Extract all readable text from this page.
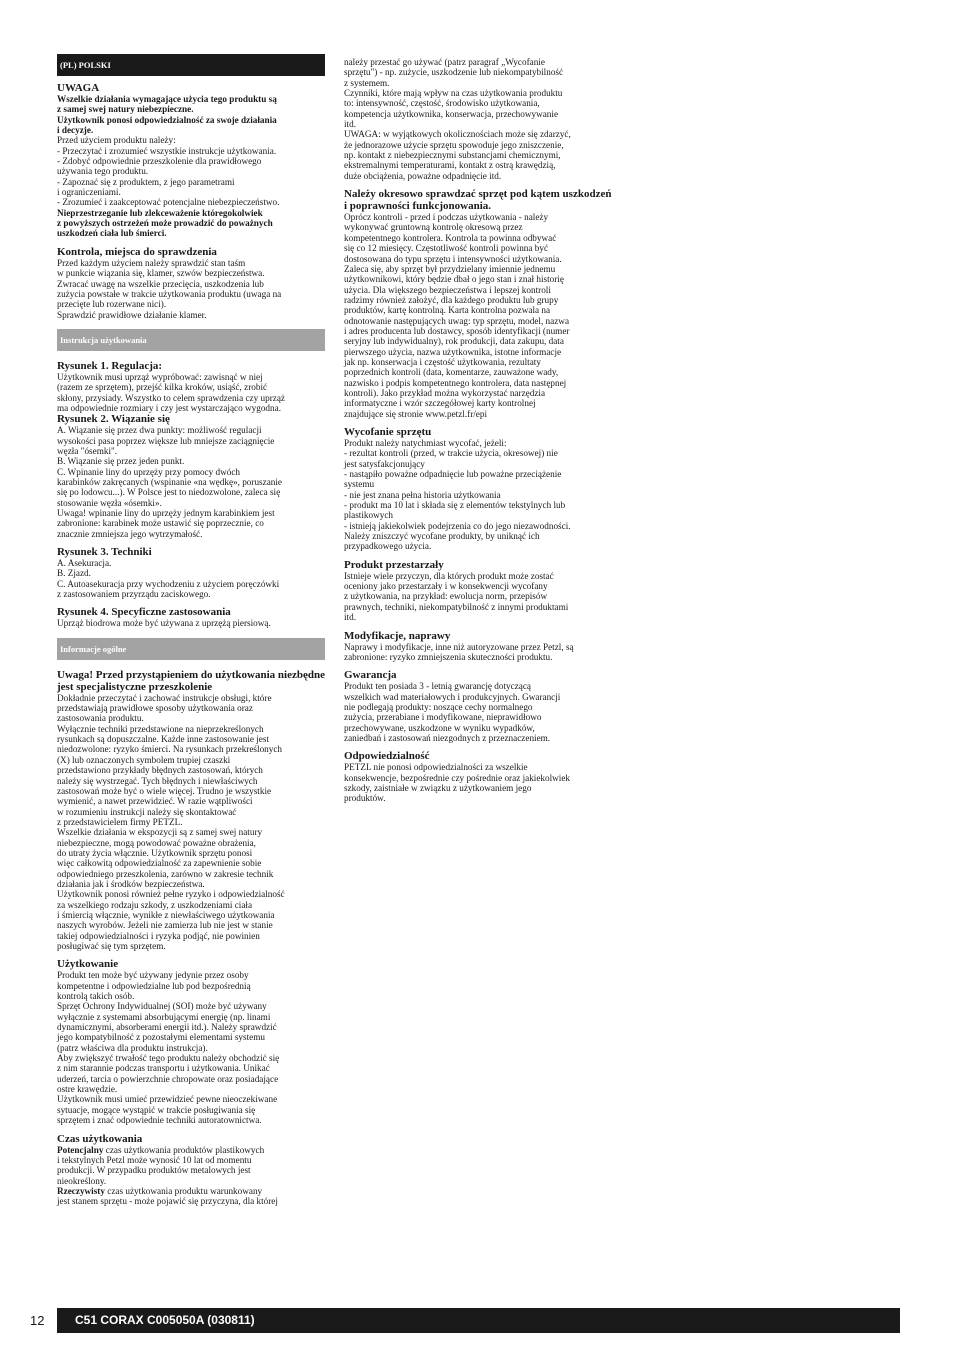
(PL) POLSKI

UWAGA

Wszelkie działania wymagające użycia tego produktu są
z samej swej natury niebezpieczne.
Użytkownik ponosi odpowiedzialność za swoje działania
i decyzje.

Przed użyciem produktu należy:
- Przeczytać i zrozumieć wszystkie instrukcje użytkowania.
- Zdobyć odpowiednie przeszkolenie dla prawidłowego
używania tego produktu.
- Zapoznać się z produktem, z jego parametrami
i ograniczeniami.
- Zrozumieć i zaakceptować potencjalne niebezpieczeństwo.

Nieprzestrzeganie lub zlekceważenie któregokolwiek
z powyższych ostrzeżeń może prowadzić do poważnych
uszkodzeń ciała lub śmierci.

Kontrola, miejsca do sprawdzenia

Przed każdym użyciem należy sprawdzić stan taśm
w punkcie wiązania się, klamer, szwów bezpieczeństwa.
Zwracać uwagę na wszelkie przecięcia, uszkodzenia lub
zużycia powstałe w trakcie użytkowania produktu (uwaga na
przecięte lub rozerwane nici).
Sprawdzić prawidłowe działanie klamer.

Instrukcja użytkowania

Rysunek 1. Regulacja:

Użytkownik musi uprząż wypróbować: zawisnąć w niej
(razem ze sprzętem), przejść kilka kroków, usiąść, zrobić
skłony, przysiady. Wszystko to celem sprawdzenia czy uprząż
ma odpowiednie rozmiary i czy jest wystarczająco wygodna.

Rysunek 2. Wiązanie się

A. Wiązanie się przez dwa punkty: możliwość regulacji
wysokości pasa poprzez większe lub mniejsze zaciągnięcie
węzła "ósemki".
B. Wiązanie się przez jeden punkt.
C. Wpinanie liny do uprzęży przy pomocy dwóch
karabinków zakręcanych (wspinanie «na wędkę», poruszanie
się po lodowcu...). W Polsce jest to niedozwolone, zaleca się
stosowanie węzła «ósemki».
Uwaga! wpinanie liny do uprzęży jednym karabinkiem jest
zabronione: karabinek może ustawić się poprzecznie, co
znacznie zmniejsza jego wytrzymałość.

Rysunek 3. Techniki

A. Asekuracja.
B. Zjazd.
C. Autoasekuracja przy wychodzeniu z użyciem poręczówki
z zastosowaniem przyrządu zaciskowego.

Rysunek 4. Specyficzne zastosowania

Uprząż biodrowa może być używana z uprzężą piersiową.

Informacje ogólne

Uwaga! Przed przystąpieniem do użytkowania niezbędne jest specjalistyczne przeszkolenie

Dokładnie przeczytać i zachować instrukcje obsługi, które
przedstawiają prawidłowe sposoby użytkowania oraz
zastosowania produktu.
Wyłącznie techniki przedstawione na nieprzekreślonych
rysunkach są dopuszczalne. Każde inne zastosowanie jest
niedozwolone: ryzyko śmierci. Na rysunkach przekreślonych
(X) lub oznaczonych symbolem trupiej czaszki
przedstawiono przykłady błędnych zastosowań, których
należy się wystrzegać. Tych błędnych i niewłaściwych
zastosowań może być o wiele więcej. Trudno je wszystkie
wymienić, a nawet przewidzieć. W razie wątpliwości
w rozumieniu instrukcji należy się skontaktować
z przedstawicielem firmy PETZL.
Wszelkie działania w ekspozycji są z samej swej natury
niebezpieczne, mogą powodować poważne obrażenia,
do utraty życia włącznie. Użytkownik sprzętu ponosi
więc całkowitą odpowiedzialność za zapewnienie sobie
odpowiedniego przeszkolenia, zarówno w zakresie technik
działania jak i środków bezpieczeństwa.
Użytkownik ponosi również pełne ryzyko i odpowiedzialność
za wszelkiego rodzaju szkody, z uszkodzeniami ciała
i śmiercią włącznie, wynikłe z niewłaściwego użytkowania
naszych wyrobów. Jeżeli nie zamierza lub nie jest w stanie
takiej odpowiedzialności i ryzyka podjąć, nie powinien
posługiwać się tym sprzętem.

Użytkowanie

Produkt ten może być używany jedynie przez osoby
kompetentne i odpowiedzialne lub pod bezpośrednią
kontrolą takich osób.
Sprzęt Ochrony Indywidualnej (SOI) może być używany
wyłącznie z systemami absorbującymi energię (np. linami
dynamicznymi, absorberami energii itd.). Należy sprawdzić
jego kompatybilność z pozostałymi elementami systemu
(patrz właściwa dla produktu instrukcja).
Aby zwiększyć trwałość tego produktu należy obchodzić się
z nim starannie podczas transportu i użytkowania. Unikać
uderzeń, tarcia o powierzchnie chropowate oraz posiadające
ostre krawędzie.
Użytkownik musi umieć przewidzieć pewne nieoczekiwane
sytuacje, mogące wystąpić w trakcie posługiwania się
sprzętem i znać odpowiednie techniki autoratownictwa.

Czas użytkowania

Potencjalny czas użytkowania produktów plastikowych
i tekstylnych Petzl może wynosić 10 lat od momentu
produkcji. W przypadku produktów metalowych jest
nieokreślony.
Rzeczywisty czas użytkowania produktu warunkowany
jest stanem sprzętu - może pojawić się przyczyna, dla której

należy przestać go używać (patrz paragraf „Wycofanie
sprzętu") - np. zużycie, uszkodzenie lub niekompatybilność
z systemem.
Czynniki, które mają wpływ na czas użytkowania produktu
to: intensywność, częstość, środowisko użytkowania,
kompetencja użytkownika, konserwacja, przechowywanie
itd.
UWAGA: w wyjątkowych okolicznościach może się zdarzyć,
że jednorazowe użycie sprzętu spowoduje jego zniszczenie,
np. kontakt z niebezpiecznymi substancjami chemicznymi,
ekstremalnymi temperaturami, kontakt z ostrą krawędzią,
duże obciążenia, poważne odpadnięcie itd.

Należy okresowo sprawdzać sprzęt pod kątem uszkodzeń i poprawności funkcjonowania.

Oprócz kontroli - przed i podczas użytkowania - należy
wykonywać gruntowną kontrolę okresową przez
kompetentnego kontrolera. Kontrola ta powinna odbywać
się co 12 miesięcy. Częstotliwość kontroli powinna być
dostosowana do typu sprzętu i intensywności użytkowania.
Zaleca się, aby sprzęt był przydzielany imiennie jednemu
użytkownikowi, który będzie dbał o jego stan i znał historię
użycia. Dla większego bezpieczeństwa i lepszej kontroli
radzimy również założyć, dla każdego produktu lub grupy
produktów, kartę kontrolną. Karta kontrolna pozwala na
odnotowanie następujących uwag: typ sprzętu, model, nazwa
i adres producenta lub dostawcy, sposób identyfikacji (numer
seryjny lub indywidualny), rok produkcji, data zakupu, data
pierwszego użycia, nazwa użytkownika, istotne informacje
jak np. konserwacja i częstość użytkowania, rezultaty
poprzednich kontroli (data, komentarze, zauważone wady,
nazwisko i podpis kompetentnego kontrolera, data następnej
kontroli). Jako przykład można wykorzystać narzędzia
informatyczne i wzór szczegółowej karty kontrolnej
znajdujące się stronie www.petzl.fr/epi

Wycofanie sprzętu

Produkt należy natychmiast wycofać, jeżeli:
- rezultat kontroli (przed, w trakcie użycia, okresowej) nie
jest satysfakcjonujący
- nastąpiło poważne odpadnięcie lub poważne przeciążenie
systemu
- nie jest znana pełna historia użytkowania
- produkt ma 10 lat i składa się z elementów tekstylnych lub
plastikowych
- istnieją jakiekolwiek podejrzenia co do jego niezawodności.
Należy zniszczyć wycofane produkty, by uniknąć ich
przypadkowego użycia.

Produkt przestarzały

Istnieje wiele przyczyn, dla których produkt może zostać
oceniony jako przestarzały i w konsekwencji wycofany
z użytkowania, na przykład: ewolucja norm, przepisów
prawnych, techniki, niekompatybilność z innymi produktami
itd.

Modyfikacje, naprawy

Naprawy i modyfikacje, inne niż autoryzowane przez Petzl, są
zabronione: ryzyko zmniejszenia skuteczności produktu.

Gwarancja

Produkt ten posiada 3 - letnią gwarancję dotyczącą
wszelkich wad materiałowych i produkcyjnych. Gwarancji
nie podlegają produkty: noszące cechy normalnego
zużycia, przerabiane i modyfikowane, nieprawidłowo
przechowywane, uszkodzone w wyniku wypadków,
zaniedbań i zastosowań niezgodnych z przeznaczeniem.

Odpowiedzialność

PETZL nie ponosi odpowiedzialności za wszelkie
konsekwencje, bezpośrednie czy pośrednie oraz jakiekolwiek
szkody, zaistniałe w związku z użytkowaniem jego
produktów.

12	C51 CORAX C005050A (030811)
